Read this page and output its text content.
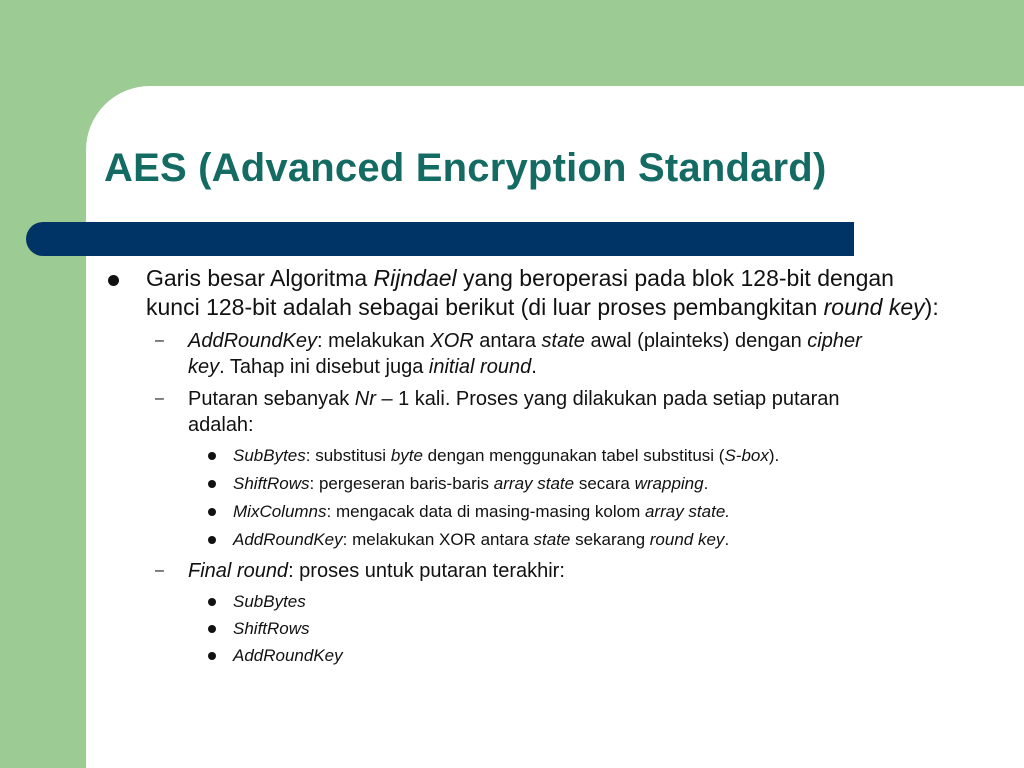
AES (Advanced Encryption Standard)
Garis besar Algoritma Rijndael yang beroperasi pada blok 128-bit dengan kunci 128-bit adalah sebagai berikut (di luar proses pembangkitan round key):
– AddRoundKey: melakukan XOR antara state awal (plainteks) dengan cipher key. Tahap ini disebut juga initial round.
– Putaran sebanyak Nr – 1 kali. Proses yang dilakukan pada setiap putaran adalah:
SubBytes: substitusi byte dengan menggunakan tabel substitusi (S-box).
ShiftRows: pergeseran baris-baris array state secara wrapping.
MixColumns: mengacak data di masing-masing kolom array state.
AddRoundKey: melakukan XOR antara state sekarang round key.
– Final round: proses untuk putaran terakhir:
SubBytes
ShiftRows
AddRoundKey
